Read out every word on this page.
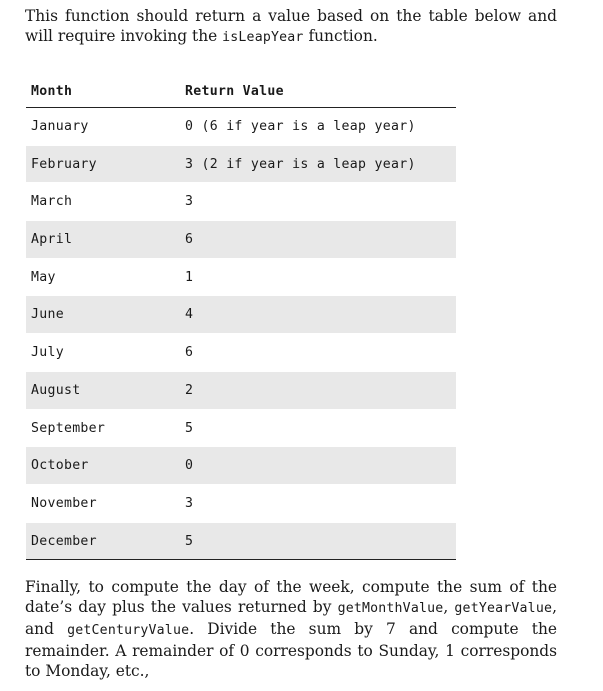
This function should return a value based on the table below and will require invoking the isLeapYear function.

Month	Return Value
January	0 (6 if year is a leap year)
February	3 (2 if year is a leap year)
March	3
April	6
May	1
June	4
July	6
August	2
September	5
October	0
November	3
December	5

Finally, to compute the day of the week, compute the sum of the date’s day plus the values returned by getMonthValue, getYearValue, and getCenturyValue. Divide the sum by 7 and compute the remainder. A remainder of 0 corresponds to Sunday, 1 corresponds to Monday, etc.,
